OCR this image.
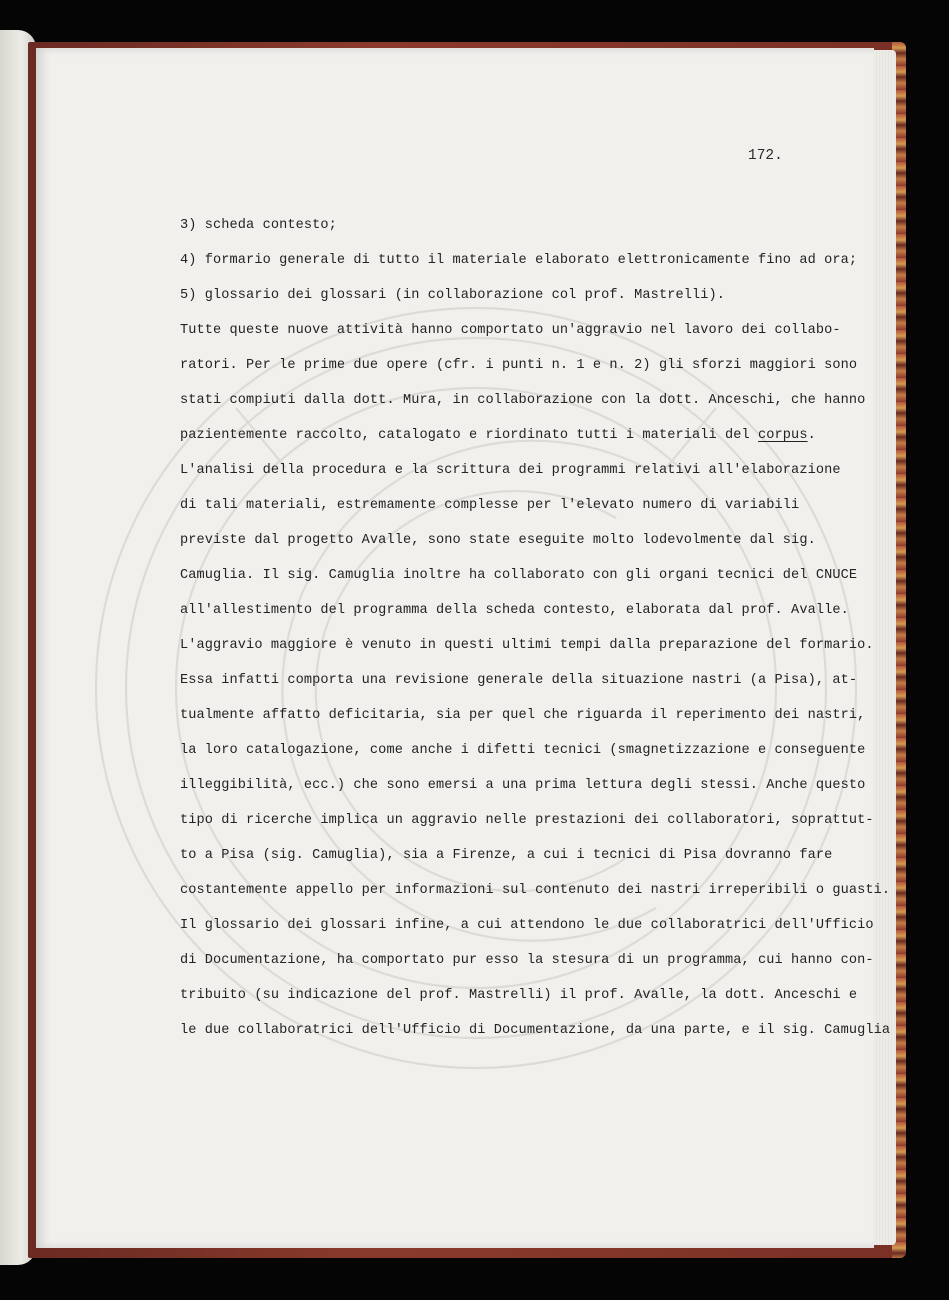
172.
3) scheda contesto;
4) formario generale di tutto il materiale elaborato elettronicamente fino ad ora;
5) glossario dei glossari (in collaborazione col prof. Mastrelli).
Tutte queste nuove attività hanno comportato un'aggravio nel lavoro dei collabo-
ratori. Per le prime due opere (cfr. i punti n. 1 e n. 2) gli sforzi maggiori sono
stati compiuti dalla dott. Mura, in collaborazione con la dott. Anceschi, che hanno
pazientemente raccolto, catalogato e riordinato tutti i materiali del corpus.
L'analisi della procedura e la scrittura dei programmi relativi all'elaborazione
di tali materiali, estremamente complesse per l'elevato numero di variabili
previste dal progetto Avalle, sono state eseguite molto lodevolmente dal sig.
Camuglia. Il sig. Camuglia inoltre ha collaborato con gli organi tecnici del CNUCE
all'allestimento del programma della scheda contesto, elaborata dal prof. Avalle.
L'aggravio maggiore è venuto in questi ultimi tempi dalla preparazione del formario.
Essa infatti comporta una revisione generale della situazione nastri (a Pisa), at-
tualmente affatto deficitaria, sia per quel che riguarda il reperimento dei nastri,
la loro catalogazione, come anche i difetti tecnici (smagnetizzazione e conseguente
illeggibilità, ecc.) che sono emersi a una prima lettura degli stessi. Anche questo
tipo di ricerche implica un aggravio nelle prestazioni dei collaboratori, soprattut-
to a Pisa (sig. Camuglia), sia a Firenze, a cui i tecnici di Pisa dovranno fare
costantemente appello per informazioni sul contenuto dei nastri irreperibili o guasti.
Il glossario dei glossari infine, a cui attendono le due collaboratrici dell'Ufficio
di Documentazione, ha comportato pur esso la stesura di un programma, cui hanno con-
tribuito (su indicazione del prof. Mastrelli) il prof. Avalle, la dott. Anceschi e
le due collaboratrici dell'Ufficio di Documentazione, da una parte, e il sig. Camuglia
